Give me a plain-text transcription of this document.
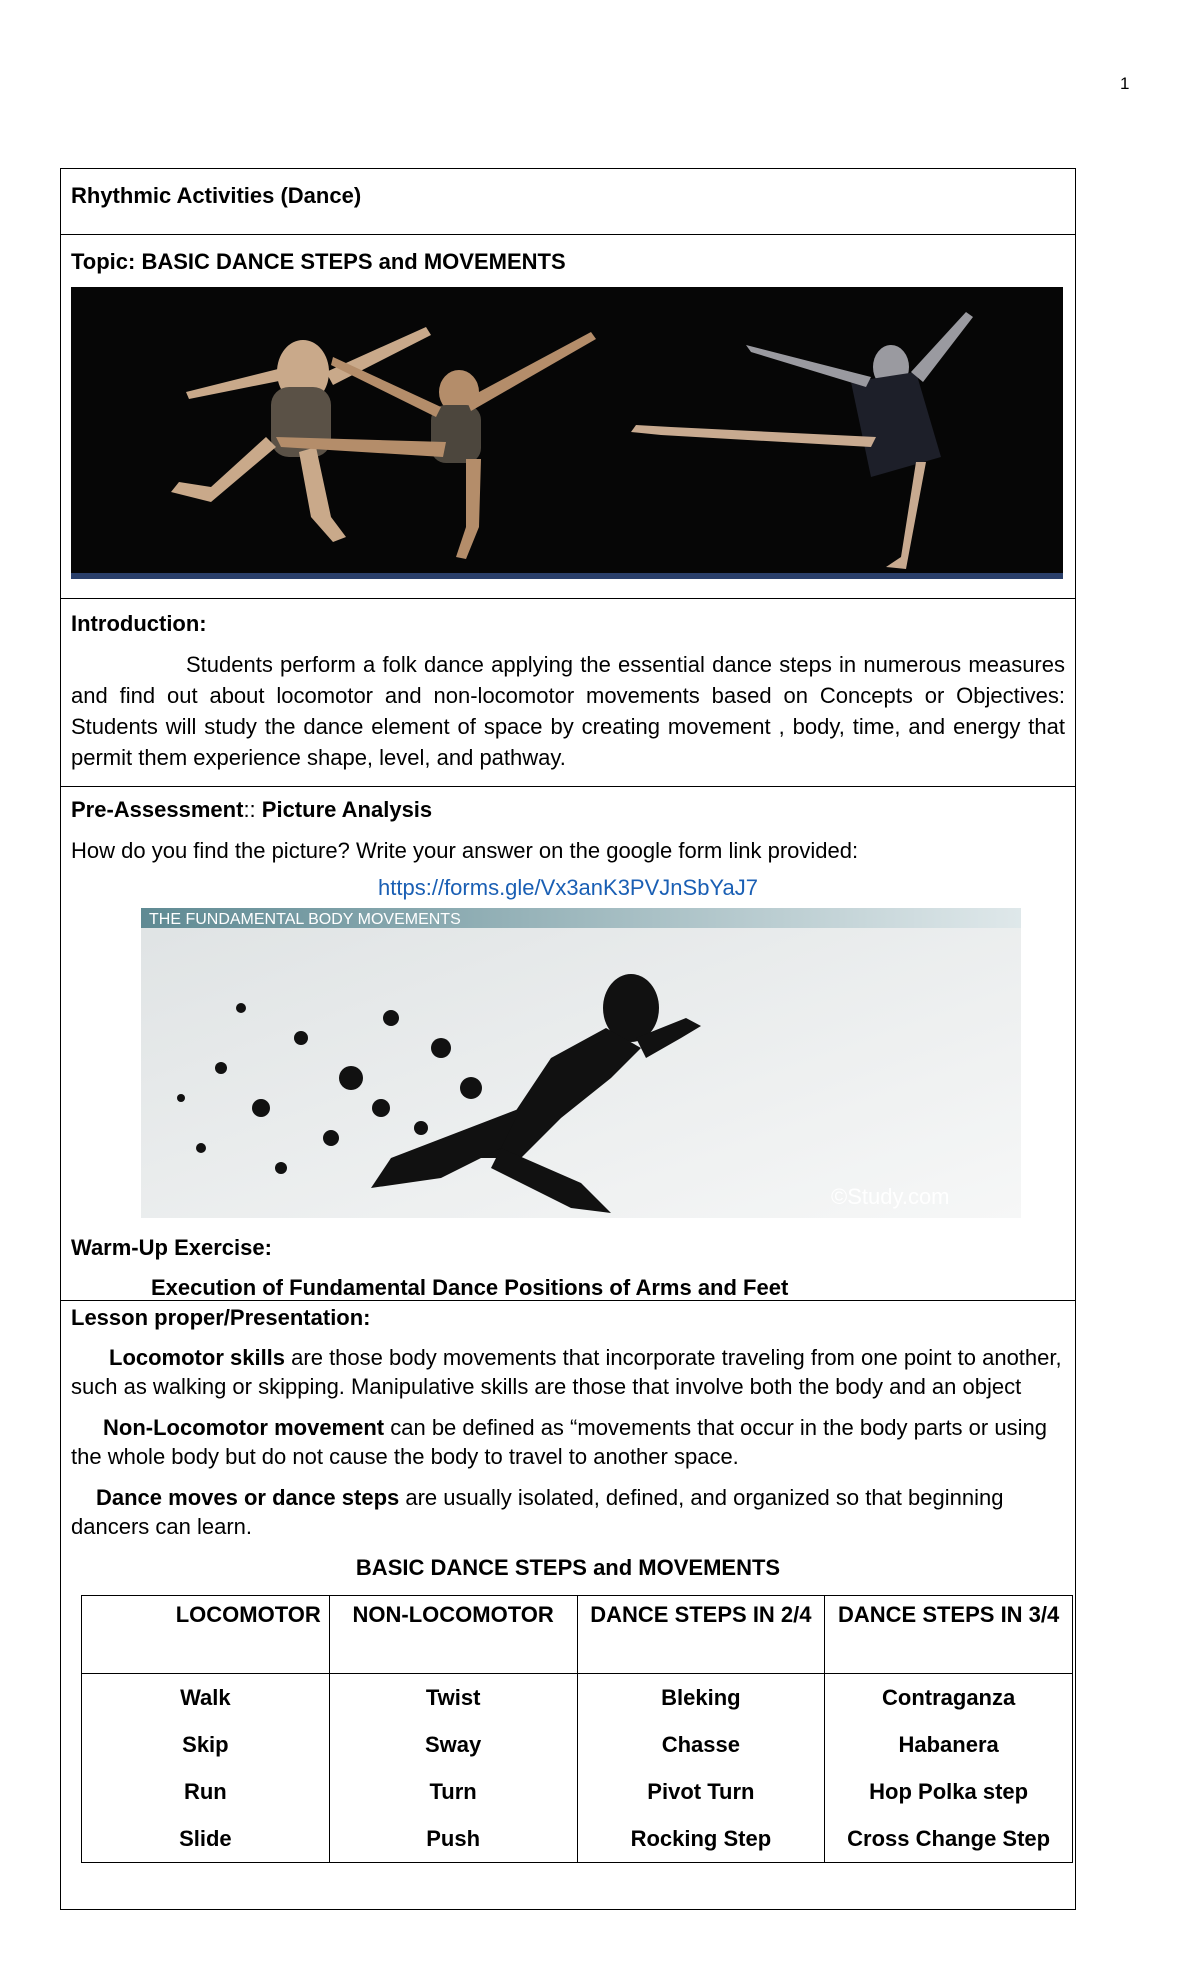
1
Rhythmic Activities (Dance)
Topic: BASIC DANCE STEPS and MOVEMENTS
Introduction:
Students perform a folk dance applying the essential dance steps in numerous measures and find out about locomotor and non-locomotor movements based on Concepts or Objectives: Students will study the dance element of space by creating movement , body, time, and energy that permit them experience shape, level, and pathway.
Pre-Assessment:: Picture Analysis
How do you find the picture? Write your answer on the google form link provided:
https://forms.gle/Vx3anK3PVJnSbYaJ7
THE FUNDAMENTAL BODY MOVEMENTS
©Study.com
Warm-Up Exercise:
Execution of Fundamental Dance Positions of Arms and Feet
Lesson proper/Presentation:
Locomotor skills are those body movements that incorporate traveling from one point to another, such as walking or skipping. Manipulative skills are those that involve both the body and an object
Non-Locomotor movement can be defined as “movements that occur in the body parts or using the whole body but do not cause the body to travel to another space.
Dance moves or dance steps are usually isolated, defined, and organized so that beginning dancers can learn.
BASIC DANCE STEPS and MOVEMENTS
LOCOMOTOR	NON-LOCOMOTOR	DANCE STEPS IN 2/4	DANCE STEPS IN 3/4
Walk	Twist	Bleking	Contraganza
Skip	Sway	Chasse	Habanera
Run	Turn	Pivot Turn	Hop Polka step
Slide	Push	Rocking Step	Cross Change Step
